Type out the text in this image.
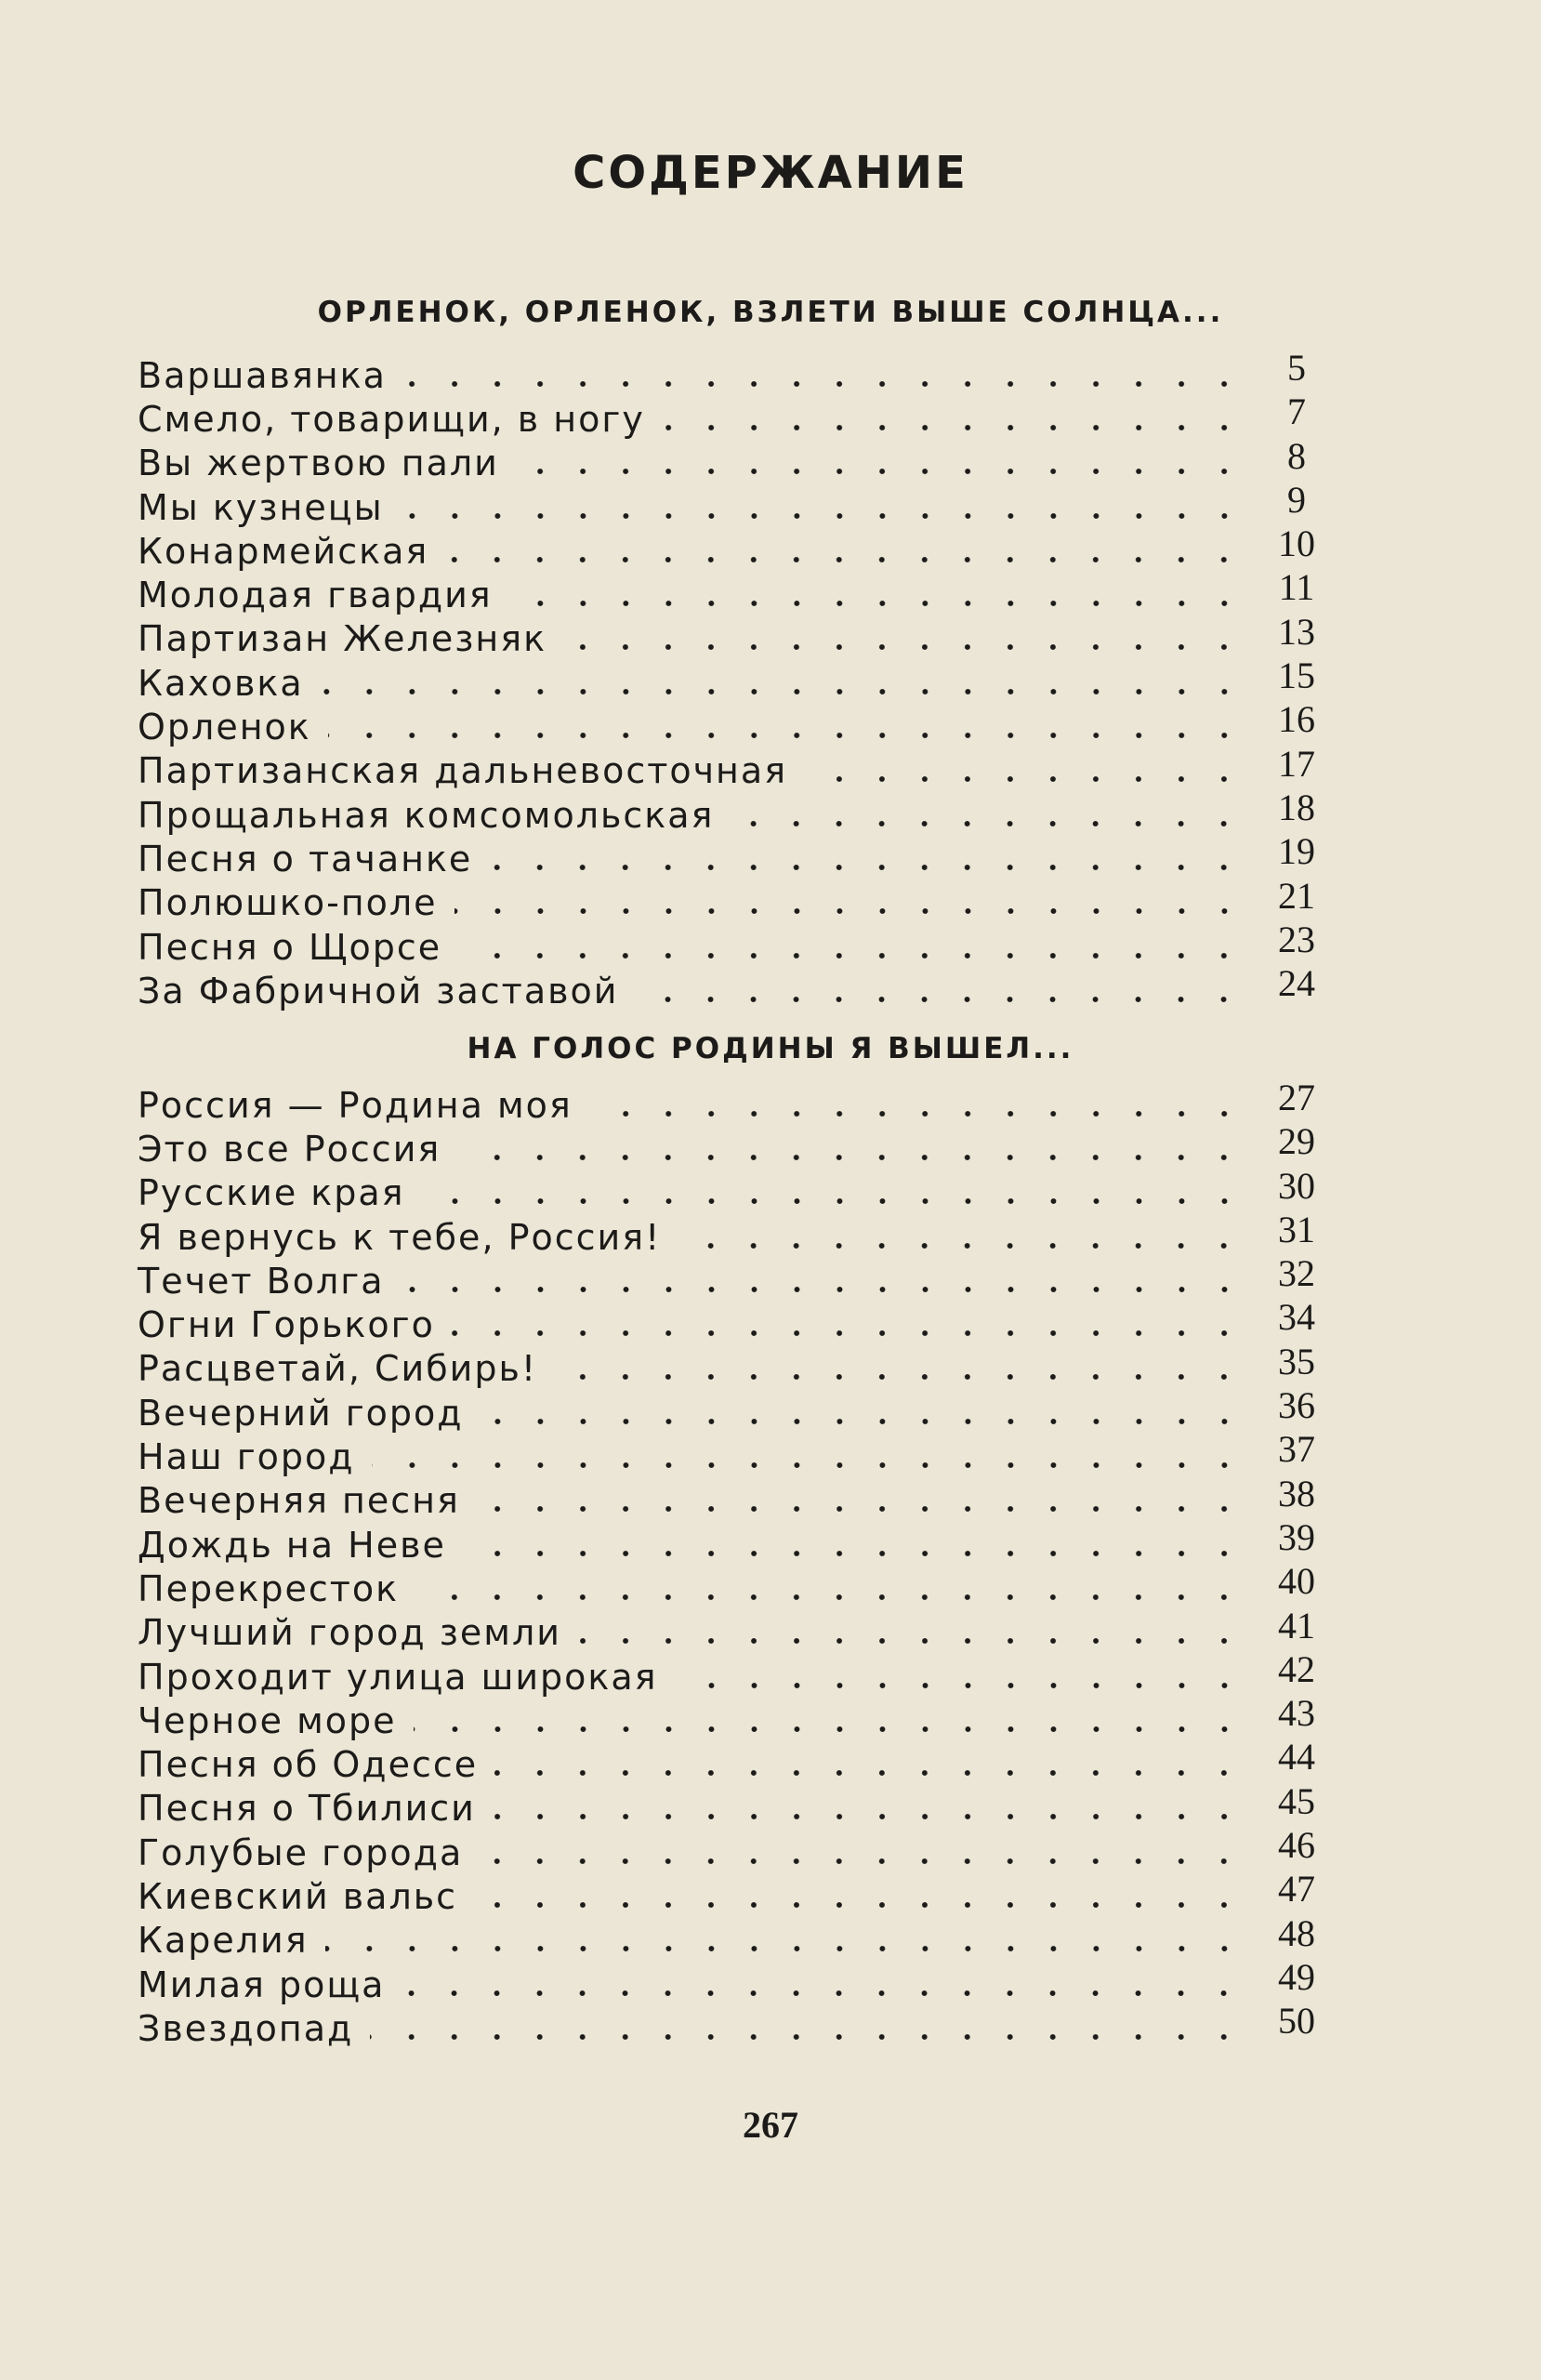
СОДЕРЖАНИЕ
ОРЛЕНОК, ОРЛЕНОК, ВЗЛЕТИ ВЫШЕ СОЛНЦА...
Варшавянка	5
Смело, товарищи, в ногу	7
Вы жертвою пали	8
Мы кузнецы	9
Конармейская	10
Молодая гвардия	11
Партизан Железняк	13
Каховка	15
Орленок	16
Партизанская дальневосточная	17
Прощальная комсомольская	18
Песня о тачанке	19
Полюшко-поле	21
Песня о Щорсе	23
За Фабричной заставой	24
НА ГОЛОС РОДИНЫ Я ВЫШЕЛ...
Россия — Родина моя	27
Это все Россия	29
Русские края	30
Я вернусь к тебе, Россия!	31
Течет Волга	32
Огни Горького	34
Расцветай, Сибирь!	35
Вечерний город	36
Наш город	37
Вечерняя песня	38
Дождь на Неве	39
Перекресток	40
Лучший город земли	41
Проходит улица широкая	42
Черное море	43
Песня об Одессе	44
Песня о Тбилиси	45
Голубые города	46
Киевский вальс	47
Карелия	48
Милая роща	49
Звездопад	50
267
